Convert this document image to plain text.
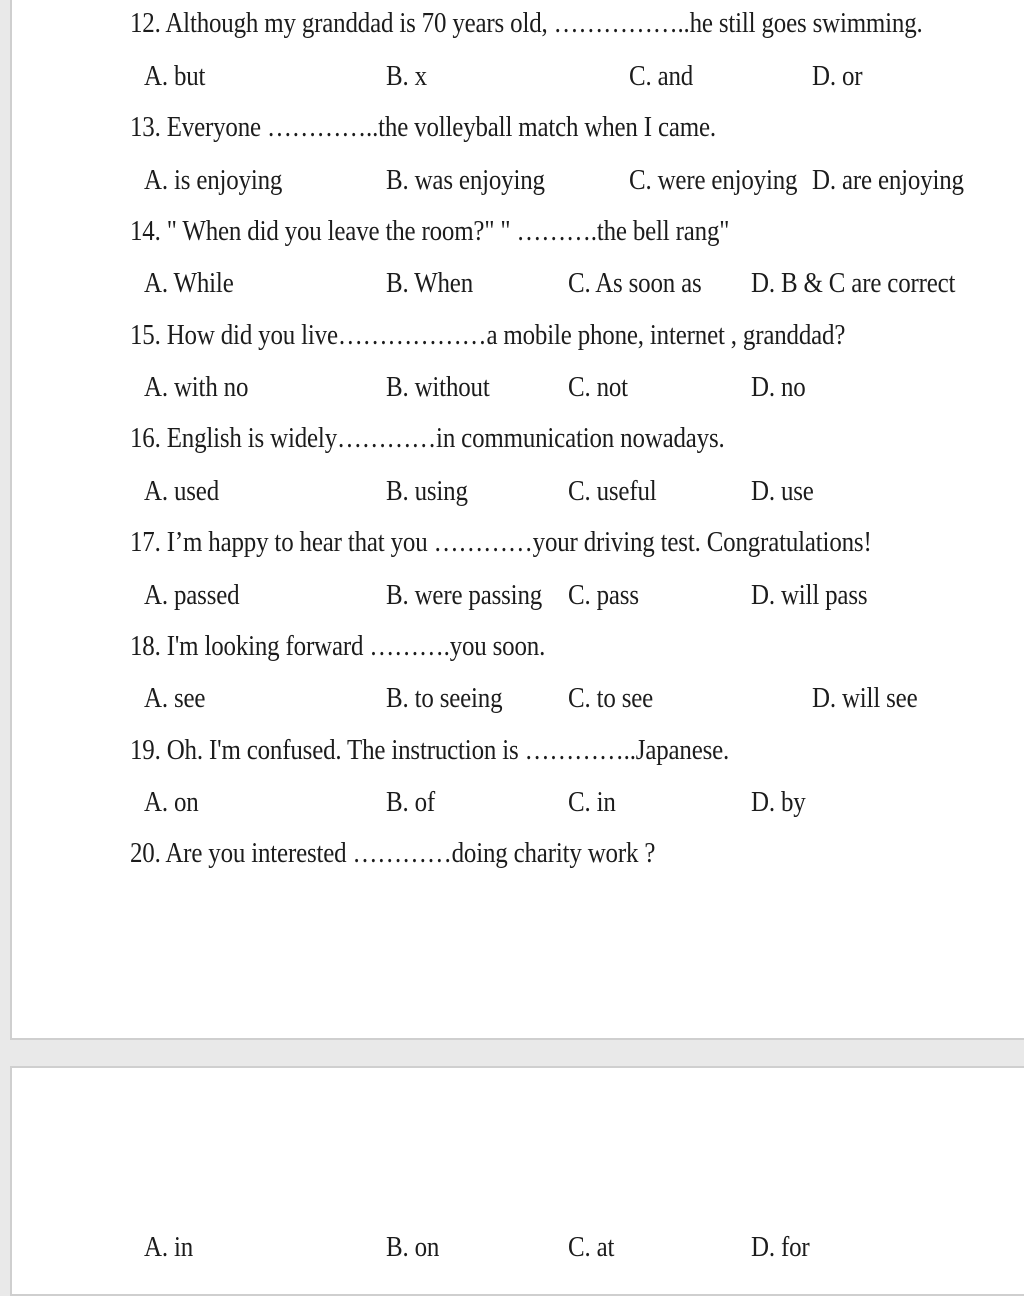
12. Although my granddad is 70 years old, ……………..he still goes swimming.
A. but	B. x	C. and	D. or
13. Everyone …………..the volleyball match when I came.
A. is enjoying	B. was enjoying	C. were enjoying D. are enjoying
14. " When did you leave the room?" " ……….the bell rang"
A. While	B. When	C. As soon as D. B & C are correct
15. How did you live………………a mobile phone, internet , granddad?
A. with no	B. without	C. not	D. no
16. English is widely…………in communication nowadays.
A. used	B. using	C. useful	D. use
17. I’m happy to hear that you …………your driving test. Congratulations!
A. passed	B. were passing C. pass	D. will pass
18. I'm looking forward ……….you soon.
A. see	B. to seeing C. to see	D. will see
19. Oh. I'm confused. The instruction is …………..Japanese.
A. on	B. of	C. in	D. by
20. Are you interested …………doing charity work ?
A. in	B. on	C. at	D. for
